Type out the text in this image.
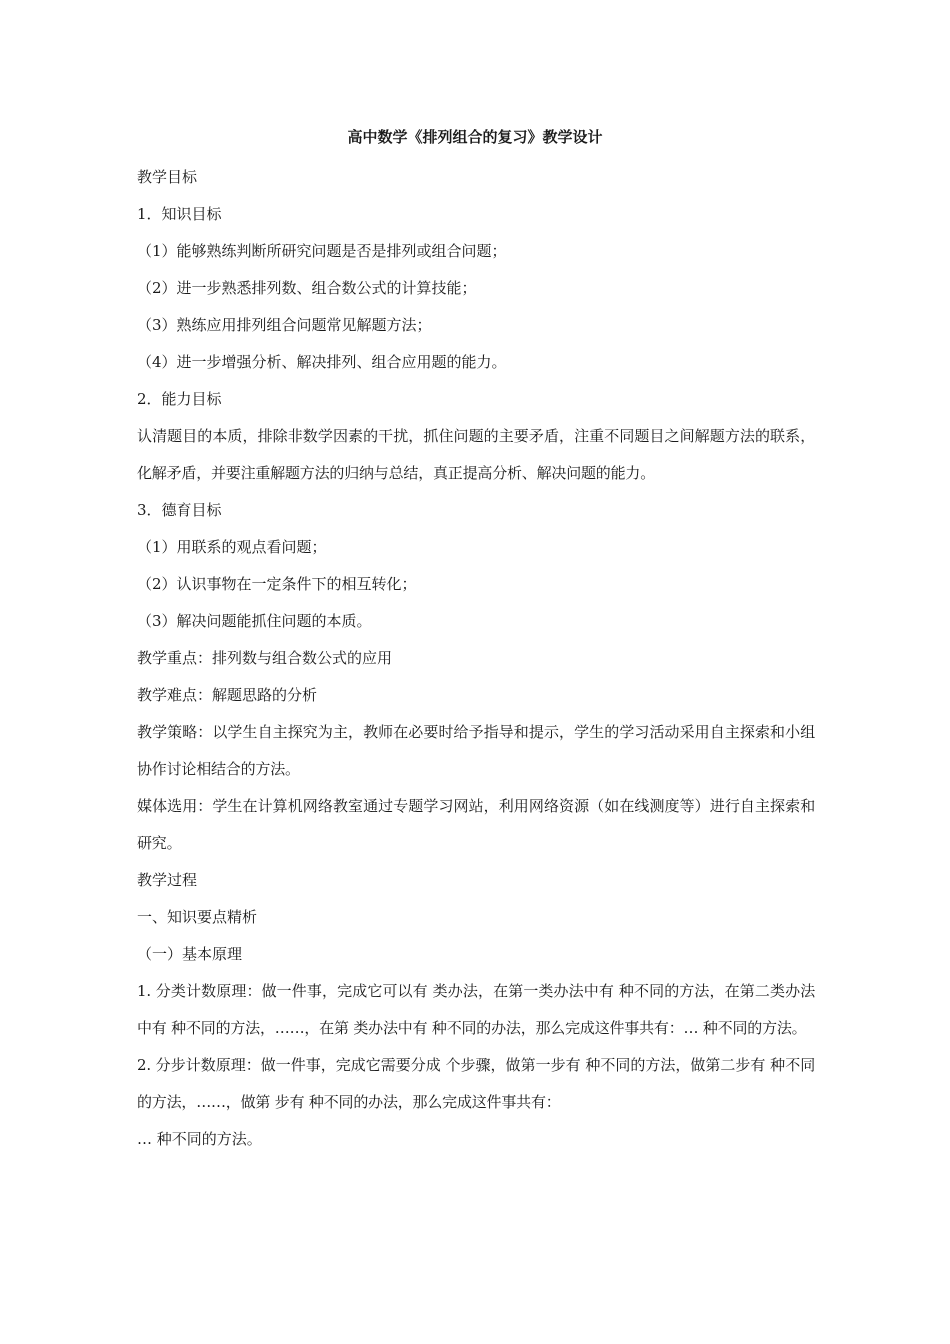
高中数学《排列组合的复习》教学设计

教学目标

1．知识目标

（1）能够熟练判断所研究问题是否是排列或组合问题；

（2）进一步熟悉排列数、组合数公式的计算技能；

（3）熟练应用排列组合问题常见解题方法；

（4）进一步增强分析、解决排列、组合应用题的能力。

2．能力目标

认清题目的本质，排除非数学因素的干扰，抓住问题的主要矛盾，注重不同题目之间解题方法的联系，化解矛盾，并要注重解题方法的归纳与总结，真正提高分析、解决问题的能力。

3．德育目标

（1）用联系的观点看问题；

（2）认识事物在一定条件下的相互转化；

（3）解决问题能抓住问题的本质。

教学重点：排列数与组合数公式的应用

教学难点：解题思路的分析

教学策略：以学生自主探究为主，教师在必要时给予指导和提示，学生的学习活动采用自主探索和小组协作讨论相结合的方法。

媒体选用：学生在计算机网络教室通过专题学习网站，利用网络资源（如在线测度等）进行自主探索和研究。

教学过程

一、知识要点精析

（一）基本原理

1. 分类计数原理：做一件事，完成它可以有 类办法，在第一类办法中有 种不同的方法，在第二类办法中有 种不同的方法，……，在第 类办法中有 种不同的办法，那么完成这件事共有：… 种不同的方法。

2. 分步计数原理：做一件事，完成它需要分成 个步骤，做第一步有 种不同的方法，做第二步有 种不同的方法，……，做第 步有 种不同的办法，那么完成这件事共有：

… 种不同的方法。
